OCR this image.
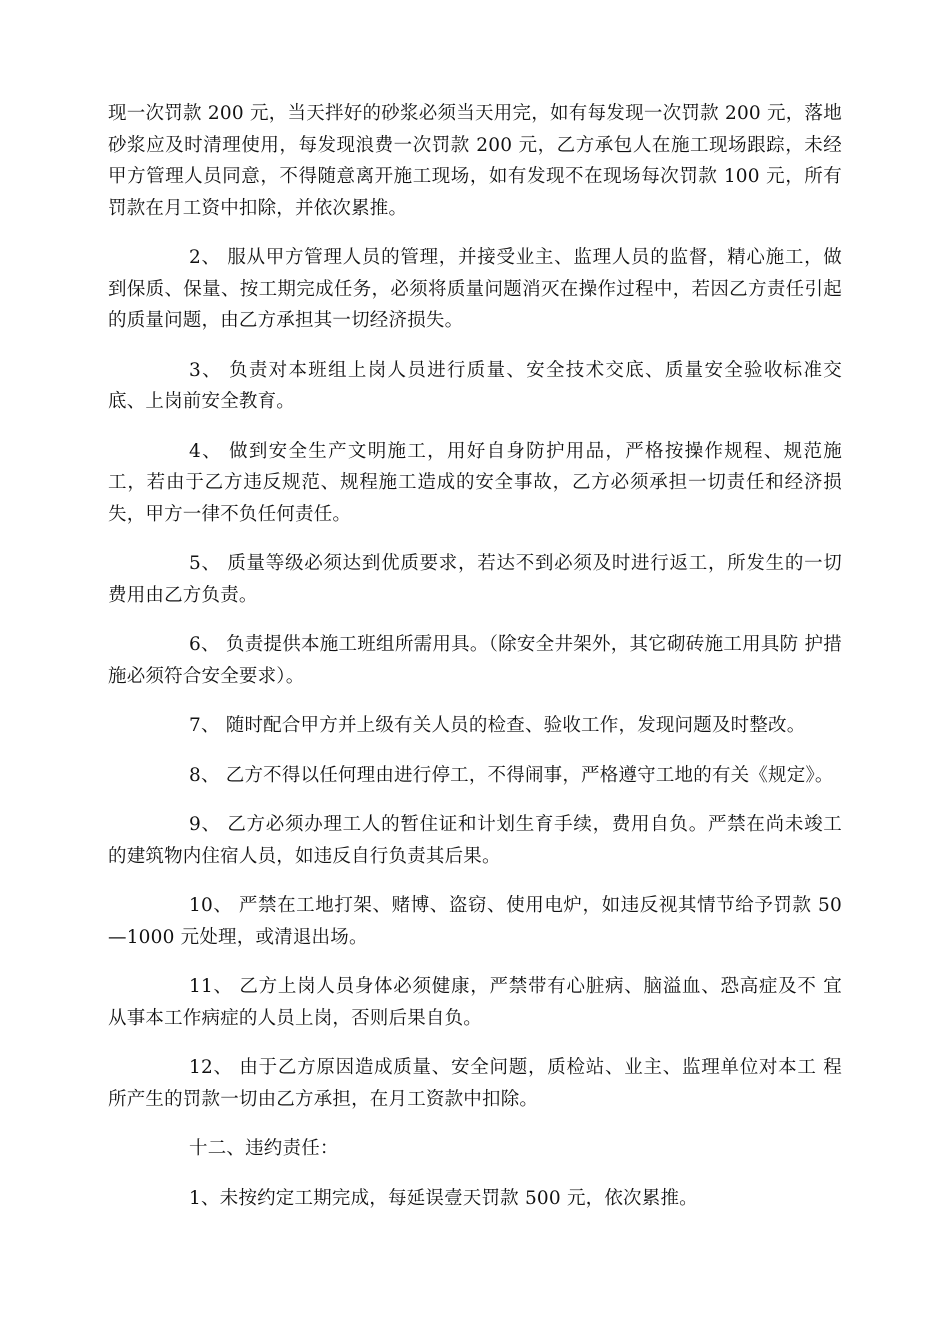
现一次罚款 200 元，当天拌好的砂浆必须当天用完，如有每发现一次罚款 200 元，落地砂浆应及时清理使用，每发现浪费一次罚款 200 元，乙方承包人在施工现场跟踪，未经甲方管理人员同意，不得随意离开施工现场，如有发现不在现场每次罚款 100 元，所有罚款在月工资中扣除，并依次累推。

2、 服从甲方管理人员的管理，并接受业主、监理人员的监督，精心施工，做到保质、保量、按工期完成任务，必须将质量问题消灭在操作过程中，若因乙方责任引起的质量问题，由乙方承担其一切经济损失。

3、 负责对本班组上岗人员进行质量、安全技术交底、质量安全验收标准交底、上岗前安全教育。

4、 做到安全生产文明施工，用好自身防护用品，严格按操作规程、规范施工，若由于乙方违反规范、规程施工造成的安全事故，乙方必须承担一切责任和经济损失，甲方一律不负任何责任。

5、 质量等级必须达到优质要求，若达不到必须及时进行返工，所发生的一切费用由乙方负责。

6、 负责提供本施工班组所需用具。（除安全井架外，其它砌砖施工用具防 护措施必须符合安全要求）。

7、 随时配合甲方并上级有关人员的检查、验收工作，发现问题及时整改。

8、 乙方不得以任何理由进行停工，不得闹事，严格遵守工地的有关《规定》。

9、 乙方必须办理工人的暂住证和计划生育手续，费用自负。严禁在尚未竣工的建筑物内住宿人员，如违反自行负责其后果。

10、 严禁在工地打架、赌博、盗窃、使用电炉，如违反视其情节给予罚款 50—1000 元处理，或清退出场。

11、 乙方上岗人员身体必须健康，严禁带有心脏病、脑溢血、恐高症及不 宜从事本工作病症的人员上岗，否则后果自负。

12、 由于乙方原因造成质量、安全问题，质检站、业主、监理单位对本工 程所产生的罚款一切由乙方承担，在月工资款中扣除。

十二、违约责任：

1、未按约定工期完成，每延误壹天罚款 500 元，依次累推。
